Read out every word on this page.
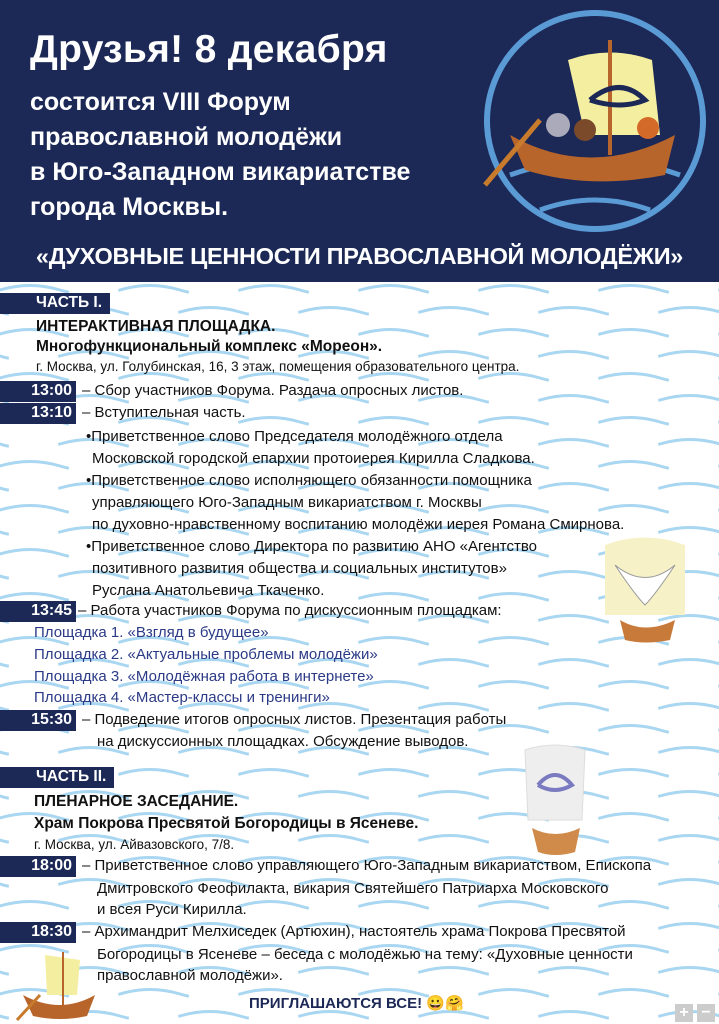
Друзья! 8 декабря
состоится VIII Форум
православной молодёжи
в Юго-Западном викариатстве
города Москвы.
«ДУХОВНЫЕ ЦЕННОСТИ ПРАВОСЛАВНОЙ МОЛОДЁЖИ»
ЧАСТЬ I.
ИНТЕРАКТИВНАЯ ПЛОЩАДКА.
Многофункциональный комплекс «Мореон».
г. Москва, ул. Голубинская, 16, 3 этаж, помещения образовательного центра.
13:00 – Сбор участников Форума. Раздача опросных листов.
13:10 – Вступительная часть.
•Приветственное слово Председателя молодёжного отдела
Московской городской епархии протоиерея Кирилла Сладкова.
•Приветственное слово исполняющего обязанности помощника
управляющего Юго-Западным викариатством г. Москвы
по духовно-нравственному воспитанию молодёжи иерея Романа Смирнова.
•Приветственное слово Директора по развитию АНО «Агентство
позитивного развития общества и социальных институтов»
Руслана Анатольевича Ткаченко.
13:45 – Работа участников Форума по дискуссионным площадкам:
Площадка 1. «Взгляд в будущее»
Площадка 2. «Актуальные проблемы молодёжи»
Площадка 3. «Молодёжная работа в интернете»
Площадка 4. «Мастер-классы и тренинги»
15:30 – Подведение итогов опросных листов. Презентация работы
на дискуссионных площадках. Обсуждение выводов.
ЧАСТЬ II.
ПЛЕНАРНОЕ ЗАСЕДАНИЕ.
Храм Покрова Пресвятой Богородицы в Ясеневе.
г. Москва, ул. Айвазовского, 7/8.
18:00 – Приветственное слово управляющего Юго-Западным викариатством, Епископа
Дмитровского Феофилакта, викария Святейшего Патриарха Московского
и всея Руси Кирилла.
18:30 – Архимандрит Мелхиседек (Артюхин), настоятель храма Покрова Пресвятой
Богородицы в Ясеневе – беседа с молодёжью на тему: «Духовные ценности
православной молодёжи».
ПРИГЛАШАЮТСЯ ВСЕ! 😀🤗
+ −
